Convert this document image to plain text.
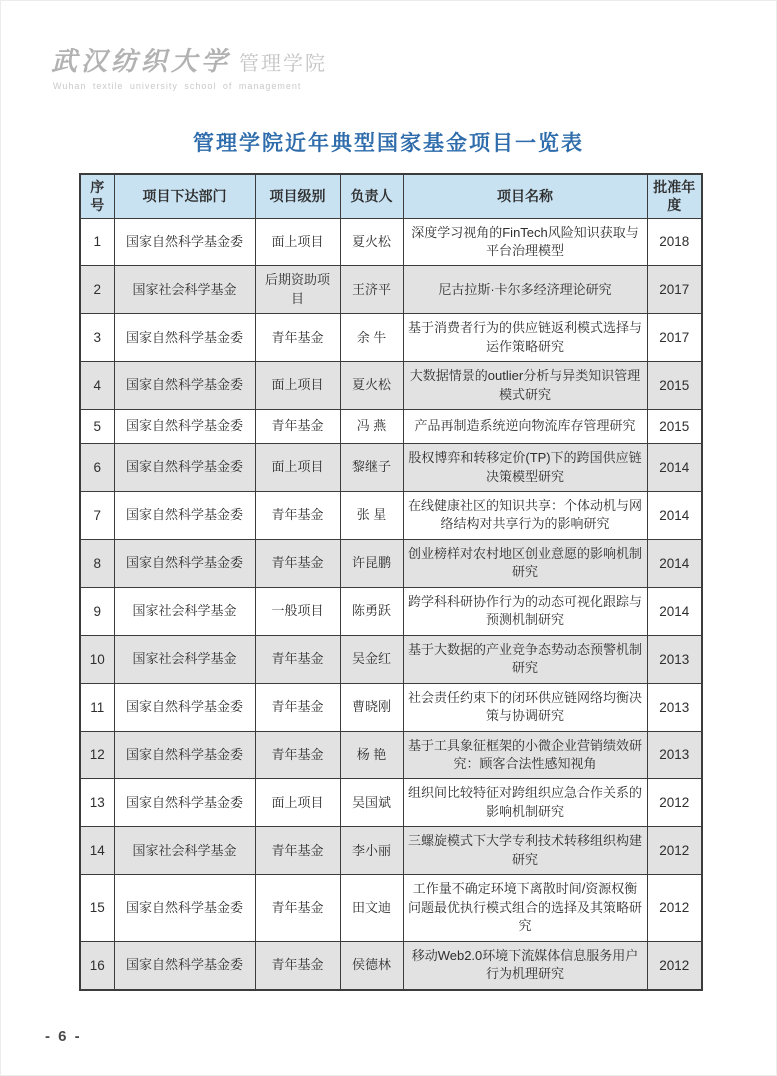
武汉纺织大学 管理学院
Wuhan textile university school of management
管理学院近年典型国家基金项目一览表
序号	项目下达部门	项目级别	负责人	项目名称	批准年度
1	国家自然科学基金委	面上项目	夏火松	深度学习视角的FinTech风险知识获取与平台治理模型	2018
2	国家社会科学基金	后期资助项目	王济平	尼古拉斯·卡尔多经济理论研究	2017
3	国家自然科学基金委	青年基金	余 牛	基于消费者行为的供应链返利模式选择与运作策略研究	2017
4	国家自然科学基金委	面上项目	夏火松	大数据情景的outlier分析与异类知识管理模式研究	2015
5	国家自然科学基金委	青年基金	冯 燕	产品再制造系统逆向物流库存管理研究	2015
6	国家自然科学基金委	面上项目	黎继子	股权博弈和转移定价(TP)下的跨国供应链决策模型研究	2014
7	国家自然科学基金委	青年基金	张 星	在线健康社区的知识共享：个体动机与网络结构对共享行为的影响研究	2014
8	国家自然科学基金委	青年基金	许昆鹏	创业榜样对农村地区创业意愿的影响机制研究	2014
9	国家社会科学基金	一般项目	陈勇跃	跨学科科研协作行为的动态可视化跟踪与预测机制研究	2014
10	国家社会科学基金	青年基金	吴金红	基于大数据的产业竞争态势动态预警机制研究	2013
11	国家自然科学基金委	青年基金	曹晓刚	社会责任约束下的闭环供应链网络均衡决策与协调研究	2013
12	国家自然科学基金委	青年基金	杨 艳	基于工具象征框架的小微企业营销绩效研究：顾客合法性感知视角	2013
13	国家自然科学基金委	面上项目	吴国斌	组织间比较特征对跨组织应急合作关系的影响机制研究	2012
14	国家社会科学基金	青年基金	李小丽	三螺旋模式下大学专利技术转移组织构建研究	2012
15	国家自然科学基金委	青年基金	田文迪	工作量不确定环境下离散时间/资源权衡问题最优执行模式组合的选择及其策略研究	2012
16	国家自然科学基金委	青年基金	侯德林	移动Web2.0环境下流媒体信息服务用户行为机理研究	2012
- 6 -
